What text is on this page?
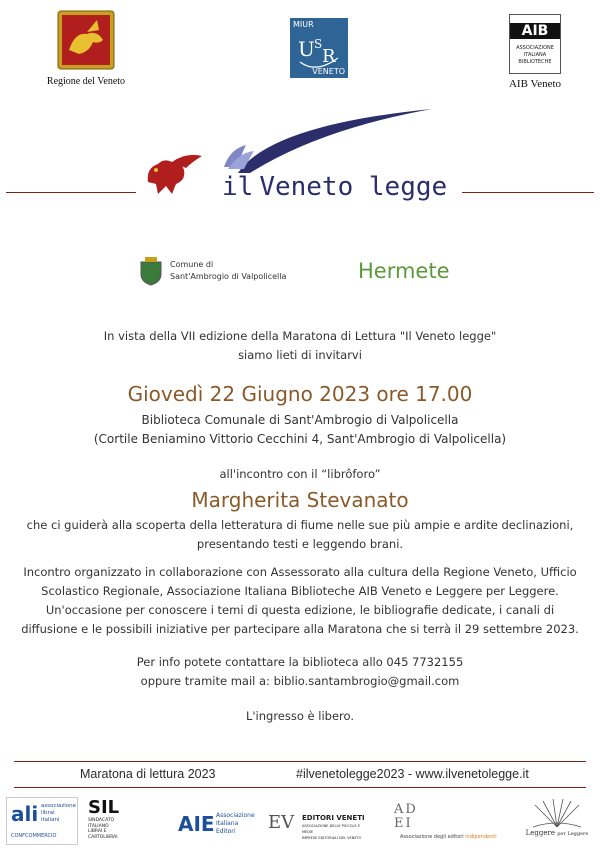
Regione del Veneto
MIUR
U S
R
VENETO
AIB
ASSOCIAZIONE ITALIANA BIBLIOTECHE
AIB Veneto
il Veneto legge
Comune di
Sant'Ambrogio di Valpolicella	Hermete
In vista della VII edizione della Maratona di Lettura "Il Veneto legge"
siamo lieti di invitarvi
Giovedì 22 Giugno 2023 ore 17.00
Biblioteca Comunale di Sant'Ambrogio di Valpolicella
(Cortile Beniamino Vittorio Cecchini 4, Sant'Ambrogio di Valpolicella)
all'incontro con il “librôforo”
Margherita Stevanato
che ci guiderà alla scoperta della letteratura di fiume nelle sue più ampie e ardite declinazioni,
presentando testi e leggendo brani.
Incontro organizzato in collaborazione con Assessorato alla cultura della Regione Veneto, Ufficio
Scolastico Regionale, Associazione Italiana Biblioteche AIB Veneto e Leggere per Leggere.
Un'occasione per conoscere i temi di questa edizione, le bibliografie dedicate, i canali di
diffusione e le possibili iniziative per partecipare alla Maratona che si terrà il 29 settembre 2023.
Per info potete contattare la biblioteca allo 045 7732155
oppure tramite mail a: biblio.santambrogio@gmail.com
L'ingresso è libero.
Maratona di lettura 2023	#ilvenetolegge2023 - www.ilvenetolegge.it
ali associazione
librai
italiani
CONFCOMMERCIO
SIL
SINDACATO
ITALIANO
LIBRAI E
CARTOLIBRAI
AIE Associazione
Italiana
Editori	EV EDITORI VENETI
ASSOCIAZIONE DELLE PICCOLE E MEDIE
IMPRESE EDITORIALI DEL VENETO
ADEI
Associazione degli editori indipendenti	Leggere per Leggere
